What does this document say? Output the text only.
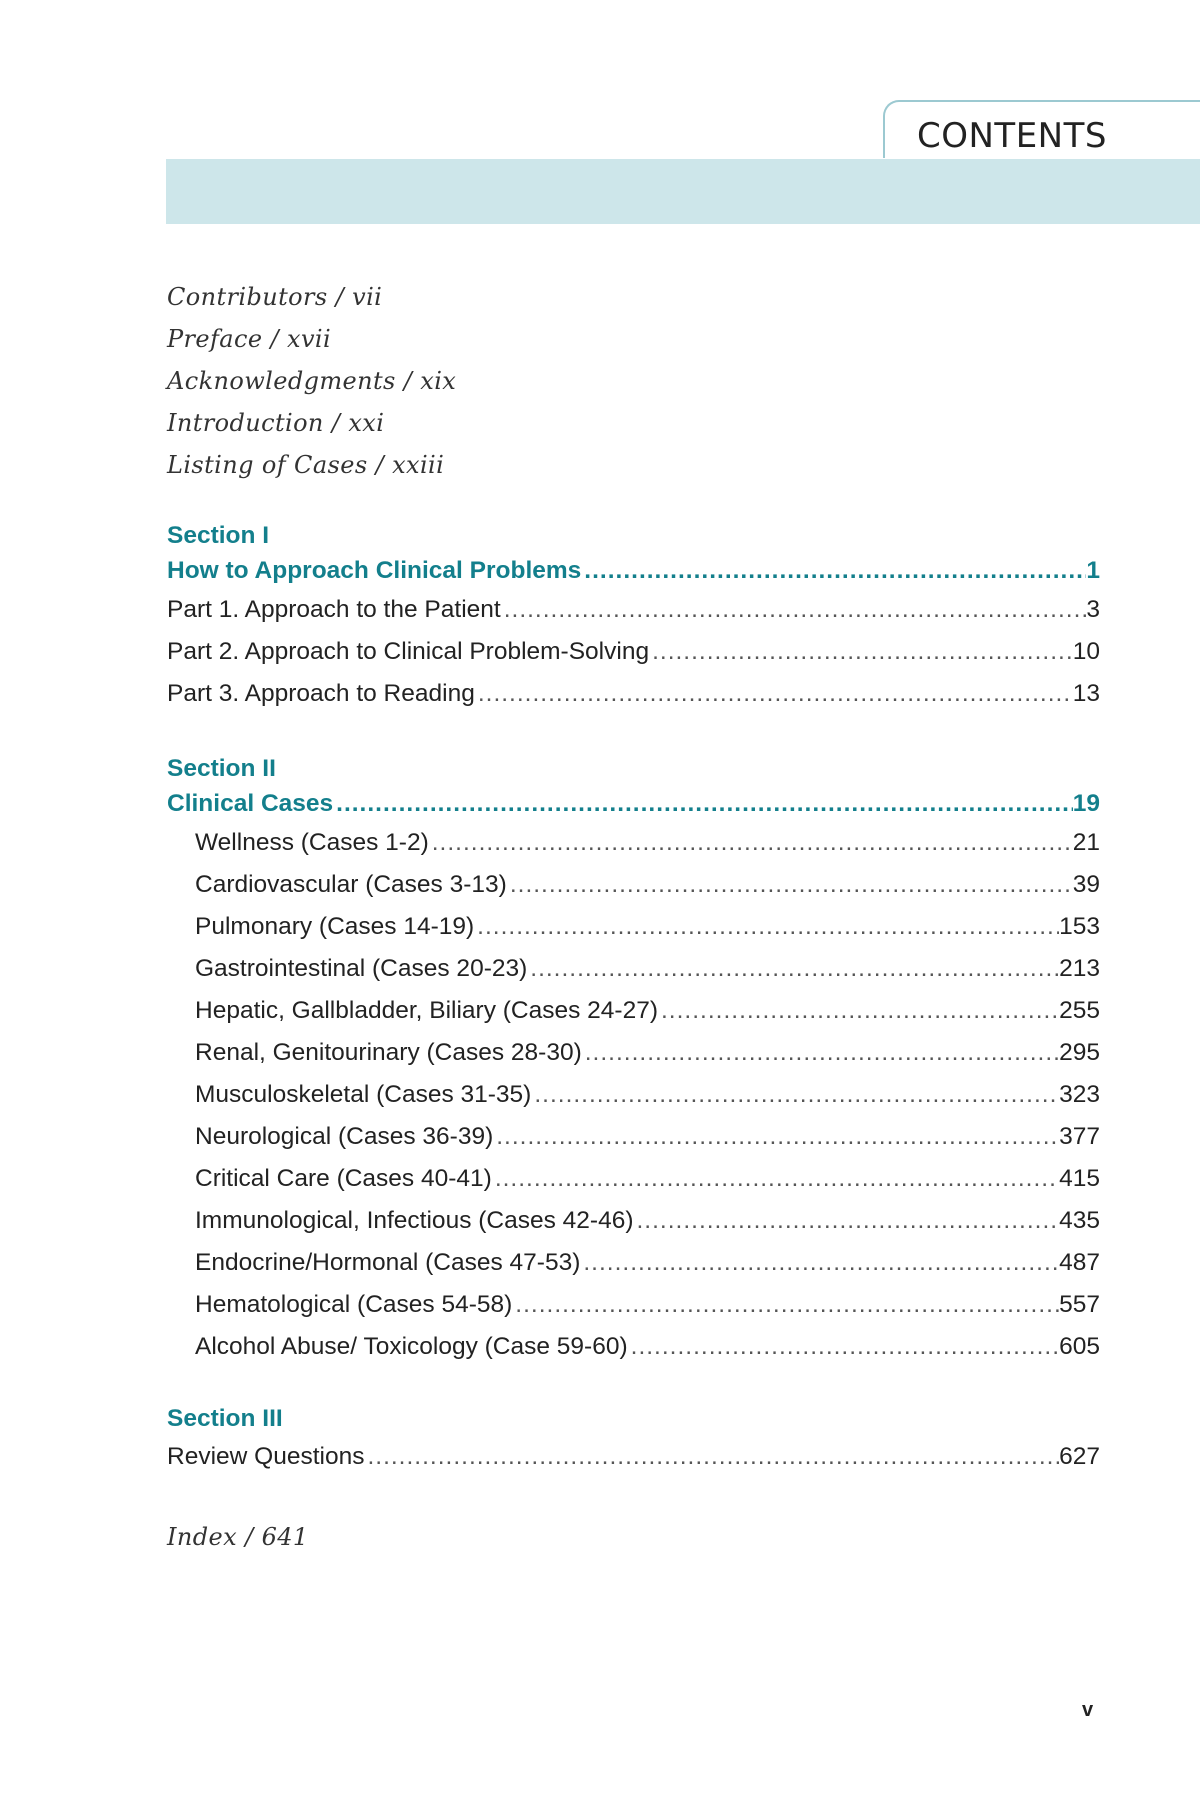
CONTENTS
Contributors / vii
Preface / xvii
Acknowledgments / xix
Introduction / xxi
Listing of Cases / xxiii
Section I
How to Approach Clinical Problems .....	1
Part 1. Approach to the Patient .....	3
Part 2. Approach to Clinical Problem-Solving .....	10
Part 3. Approach to Reading .....	13
Section II
Clinical Cases .....	19
Wellness (Cases 1-2) .....	21
Cardiovascular (Cases 3-13) .....	39
Pulmonary (Cases 14-19) .....	153
Gastrointestinal (Cases 20-23) .....	213
Hepatic, Gallbladder, Biliary (Cases 24-27) .....	255
Renal, Genitourinary (Cases 28-30) .....	295
Musculoskeletal (Cases 31-35) .....	323
Neurological (Cases 36-39) .....	377
Critical Care (Cases 40-41) .....	415
Immunological, Infectious (Cases 42-46) .....	435
Endocrine/Hormonal (Cases 47-53) .....	487
Hematological (Cases 54-58) .....	557
Alcohol Abuse/ Toxicology (Case 59-60) .....	605
Section III
Review Questions .....	627
Index / 641
v
